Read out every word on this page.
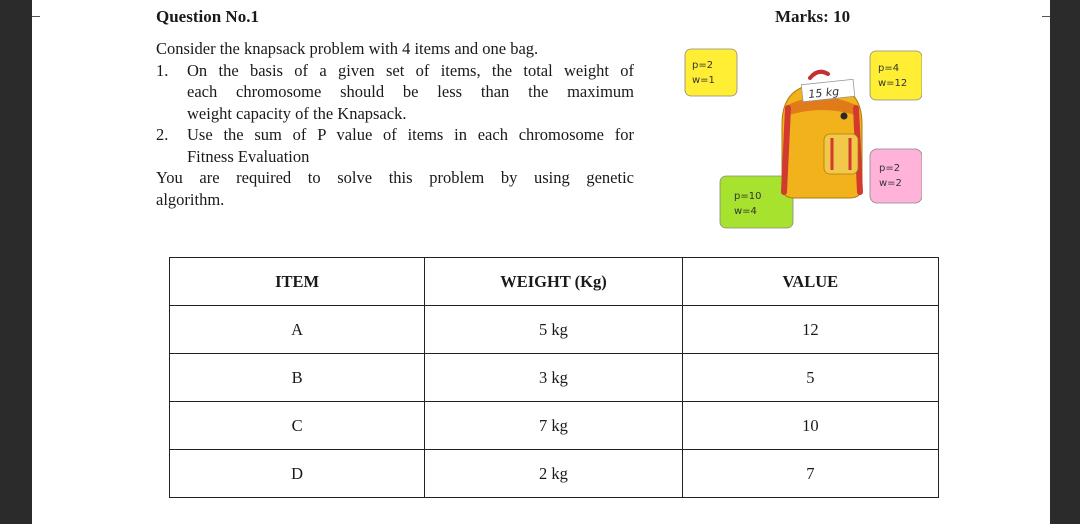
Question No.1	Marks: 10

Consider the knapsack problem with 4 items and one bag.

1. On the basis of a given set of items, the total weight of
each chromosome should be less than the maximum
weight capacity of the Knapsack.
2. Use the sum of P value of items in each chromosome for
Fitness Evaluation

You are required to solve this problem by using genetic

algorithm.

p=2
w=1
p=4
w=12
p=2
w=2
p=10
w=4
15 kg
ITEM	WEIGHT (Kg)	VALUE
A	5 kg	12
B	3 kg	5
C	7 kg	10
D	2 kg	7
